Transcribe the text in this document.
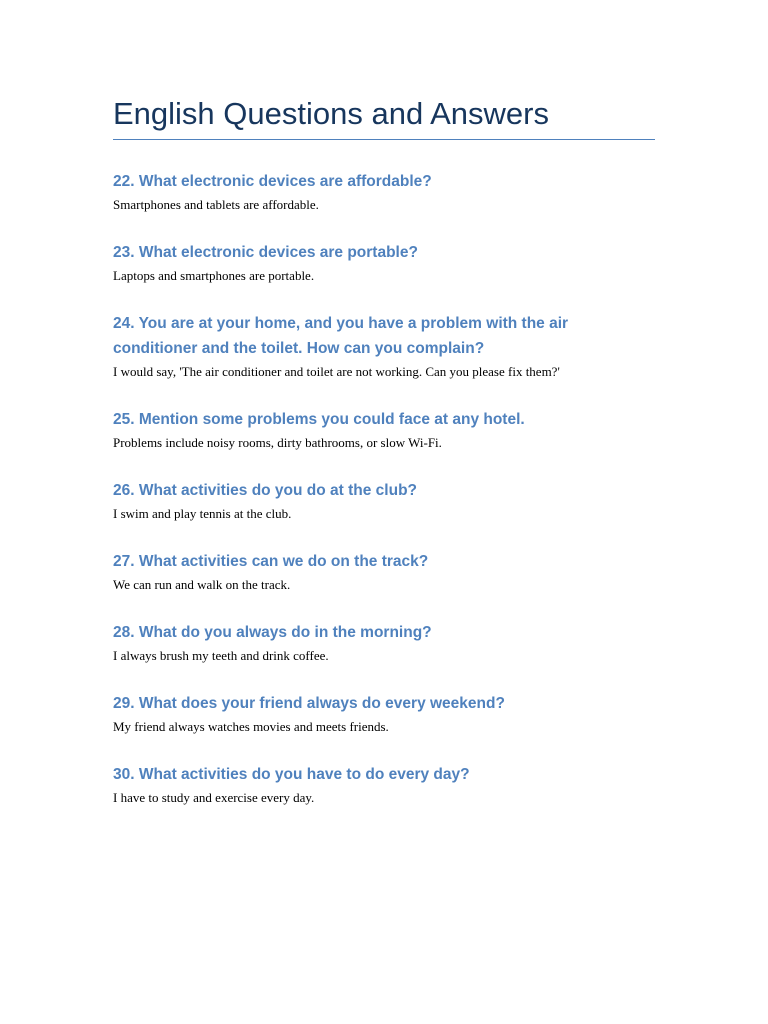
English Questions and Answers
22. What electronic devices are affordable?

Smartphones and tablets are affordable.

23. What electronic devices are portable?

Laptops and smartphones are portable.

24. You are at your home, and you have a problem with the air conditioner and the toilet. How can you complain?

I would say, 'The air conditioner and toilet are not working. Can you please fix them?'

25. Mention some problems you could face at any hotel.

Problems include noisy rooms, dirty bathrooms, or slow Wi-Fi.

26. What activities do you do at the club?

I swim and play tennis at the club.

27. What activities can we do on the track?

We can run and walk on the track.

28. What do you always do in the morning?

I always brush my teeth and drink coffee.

29. What does your friend always do every weekend?

My friend always watches movies and meets friends.

30. What activities do you have to do every day?

I have to study and exercise every day.
